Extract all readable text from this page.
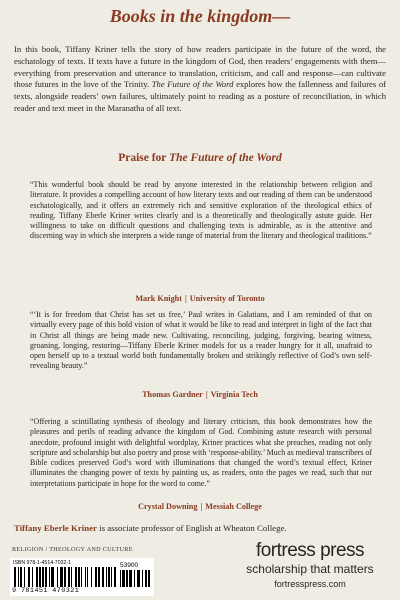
Books in the kingdom—

In this book, Tiffany Kriner tells the story of how readers participate in the future of the word, the eschatology of texts. If texts have a future in the kingdom of God, then readers’ engagements with them—everything from preservation and utterance to translation, criticism, and call and response—can cultivate those futures in the love of the Trinity. The Future of the Word explores how the fallenness and failures of texts, alongside readers’ own failures, ultimately point to reading as a posture of reconciliation, in which reader and text meet in the Maranatha of all text.

Praise for The Future of the Word

“This wonderful book should be read by anyone interested in the relationship between religion and literature. It provides a compelling account of how literary texts and our reading of them can be understood eschatologically, and it offers an extremely rich and sensitive exploration of the theological ethics of reading. Tiffany Eberle Kriner writes clearly and is a theoretically and theologically astute guide. Her willingness to take on difficult questions and challenging texts is admirable, as is the attentive and discerning way in which she interprets a wide range of material from the literary and theological traditions.”

Mark Knight | University of Toronto

“‘It is for freedom that Christ has set us free,’ Paul writes in Galatians, and I am reminded of that on virtually every page of this bold vision of what it would be like to read and interpret in light of the fact that in Christ all things are being made new. Cultivating, reconciling, judging, forgiving, bearing witness, groaning, longing, restoring—Tiffany Eberle Kriner models for us a reader hungry for it all, unafraid to open herself up to a textual world both fundamentally broken and strikingly reflective of God’s own self-revealing beauty.”

Thomas Gardner | Virginia Tech

“Offering a scintillating synthesis of theology and literary criticism, this book demonstrates how the pleasures and perils of reading advance the kingdom of God. Combining astute research with personal anecdote, profound insight with delightful wordplay, Kriner practices what she preaches, reading not only scripture and scholarship but also poetry and prose with ‘response-ability.’ Much as medieval transcribers of Bible codices preserved God’s word with illuminations that changed the word’s textual effect, Kriner illuminates the changing power of texts by painting us, as readers, onto the pages we read, such that our interpretations participate in hope for the word to come.”

Crystal Downing | Messiah College

Tiffany Eberle Kriner is associate professor of English at Wheaton College.

RELIGION / THEOLOGY AND CULTURE
ISBN 978-1-4514-7032-1	53900
9 781451 470321
fortress press
scholarship that matters
fortresspress.com
